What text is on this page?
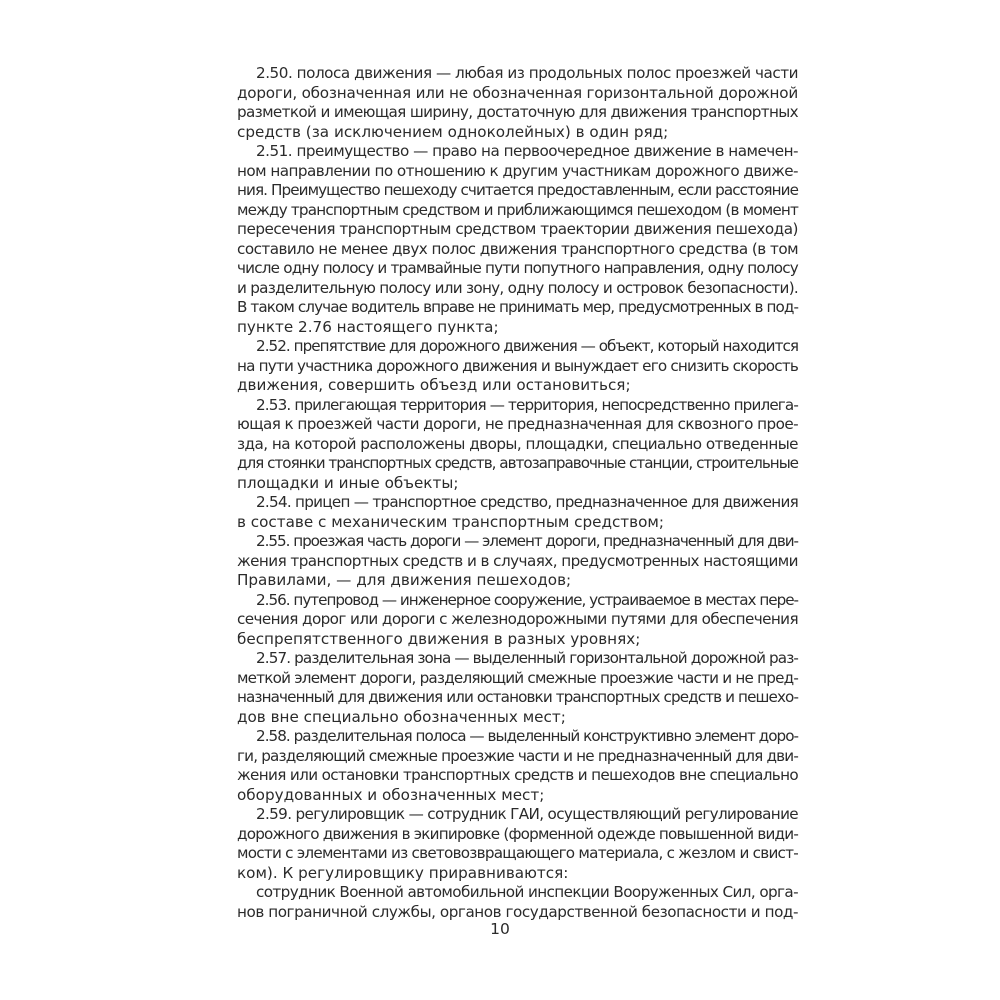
2.50. полоса движения — любая из продольных полос проезжей части
дороги, обозначенная или не обозначенная горизонтальной дорожной
разметкой и имеющая ширину, достаточную для движения транспортных
средств (за исключением одноколейных) в один ряд;
2.51. преимущество — право на первоочередное движение в намечен-
ном направлении по отношению к другим участникам дорожного движе-
ния. Преимущество пешеходу считается предоставленным, если расстояние
между транспортным средством и приближающимся пешеходом (в момент
пересечения транспортным средством траектории движения пешехода)
составило не менее двух полос движения транспортного средства (в том
числе одну полосу и трамвайные пути попутного направления, одну полосу
и разделительную полосу или зону, одну полосу и островок безопасности).
В таком случае водитель вправе не принимать мер, предусмотренных в под-
пункте 2.76 настоящего пункта;
2.52. препятствие для дорожного движения — объект, который находится
на пути участника дорожного движения и вынуждает его снизить скорость
движения, совершить объезд или остановиться;
2.53. прилегающая территория — территория, непосредственно прилега-
ющая к проезжей части дороги, не предназначенная для сквозного прое-
зда, на которой расположены дворы, площадки, специально отведенные
для стоянки транспортных средств, автозаправочные станции, строительные
площадки и иные объекты;
2.54. прицеп — транспортное средство, предназначенное для движения
в составе с механическим транспортным средством;
2.55. проезжая часть дороги — элемент дороги, предназначенный для дви-
жения транспортных средств и в случаях, предусмотренных настоящими
Правилами, — для движения пешеходов;
2.56. путепровод — инженерное сооружение, устраиваемое в местах пере-
сечения дорог или дороги с железнодорожными путями для обеспечения
беспрепятственного движения в разных уровнях;
2.57. разделительная зона — выделенный горизонтальной дорожной раз-
меткой элемент дороги, разделяющий смежные проезжие части и не пред-
назначенный для движения или остановки транспортных средств и пешехо-
дов вне специально обозначенных мест;
2.58. разделительная полоса — выделенный конструктивно элемент доро-
ги, разделяющий смежные проезжие части и не предназначенный для дви-
жения или остановки транспортных средств и пешеходов вне специально
оборудованных и обозначенных мест;
2.59. регулировщик — сотрудник ГАИ, осуществляющий регулирование
дорожного движения в экипировке (форменной одежде повышенной види-
мости с элементами из световозвращающего материала, с жезлом и свист-
ком). К регулировщику приравниваются:
сотрудник Военной автомобильной инспекции Вооруженных Сил, орга-
нов пограничной службы, органов государственной безопасности и под-
10
